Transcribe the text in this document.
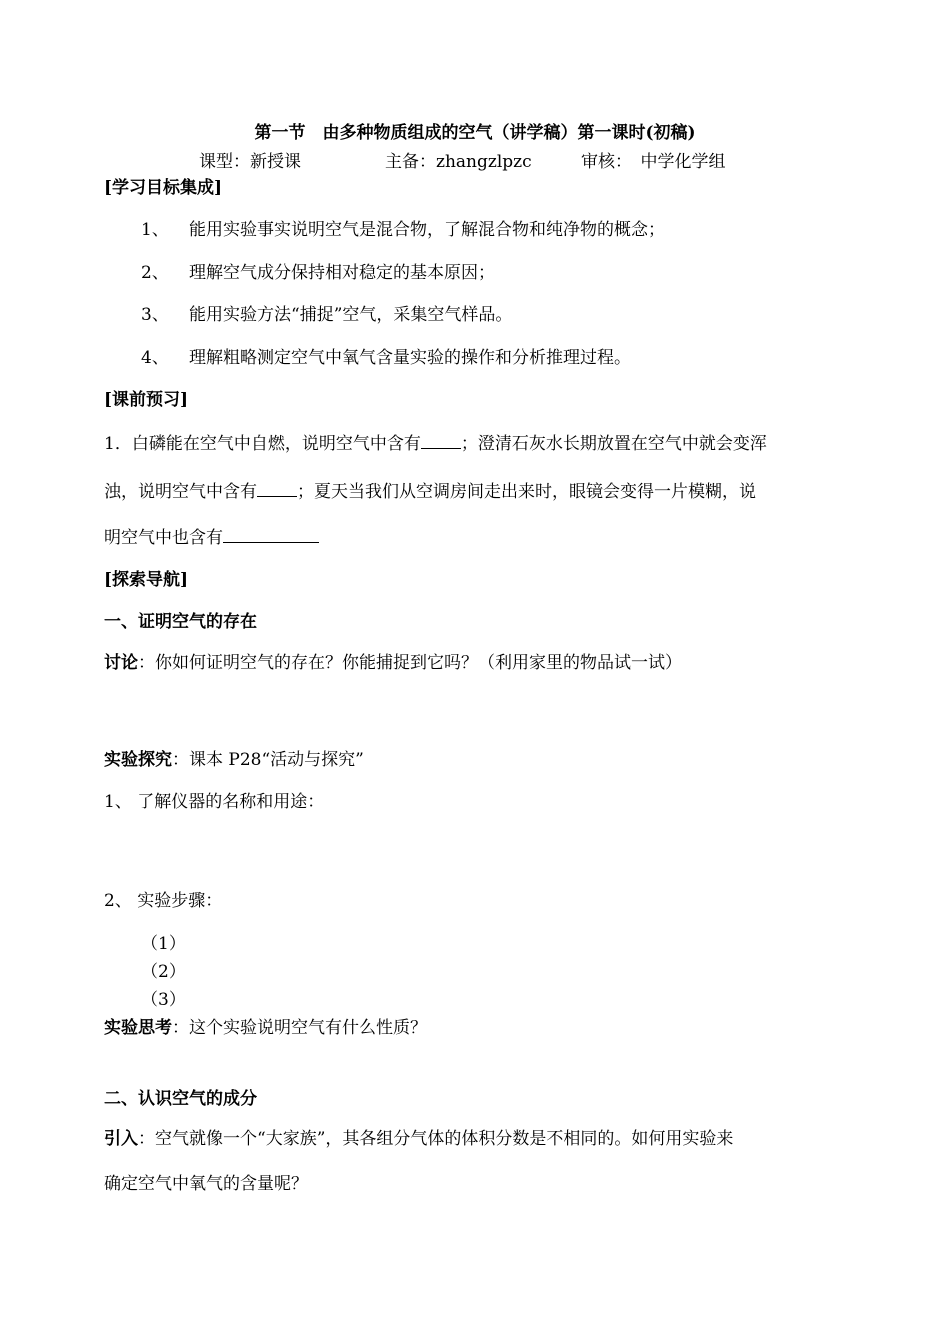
第一节　由多种物质组成的空气（讲学稿）第一课时(初稿)
课型：新授课	主备：zhangzlpzc	审核：　中学化学组
[学习目标集成]
1、 能用实验事实说明空气是混合物，了解混合物和纯净物的概念；
2、 理解空气成分保持相对稳定的基本原因；
3、 能用实验方法“捕捉”空气，采集空气样品。
4、 理解粗略测定空气中氧气含量实验的操作和分析推理过程。
[课前预习]
1．白磷能在空气中自燃，说明空气中含有 ；澄清石灰水长期放置在空气中就会变浑
浊，说明空气中含有 ；夏天当我们从空调房间走出来时，眼镜会变得一片模糊，说
明空气中也含有
[探索导航]
一、证明空气的存在
讨论：你如何证明空气的存在？你能捕捉到它吗？（利用家里的物品试一试）
实验探究：课本 P28“活动与探究”
1、 了解仪器的名称和用途：
2、 实验步骤：
（1）
（2）
（3）
实验思考：这个实验说明空气有什么性质？
二、认识空气的成分
引入：空气就像一个“大家族”，其各组分气体的体积分数是不相同的。如何用实验来
确定空气中氧气的含量呢？
